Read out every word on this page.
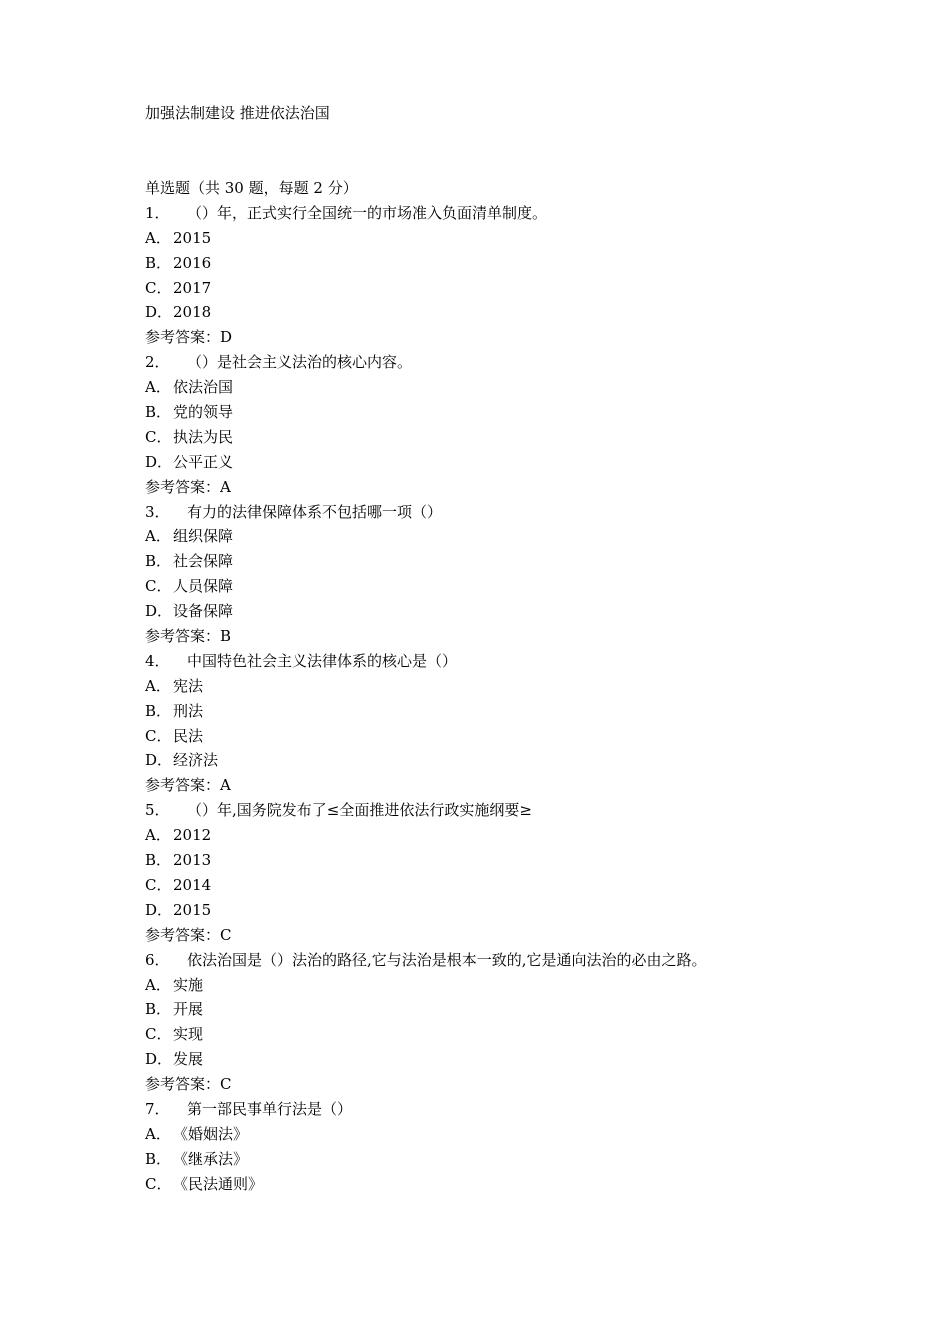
加强法制建设 推进依法治国
单选题（共 30 题，每题 2 分）
1．	（）年，正式实行全国统一的市场准入负面清单制度。
A． 2015
B． 2016
C． 2017
D． 2018
参考答案：D
2．	（）是社会主义法治的核心内容。
A． 依法治国
B． 党的领导
C． 执法为民
D． 公平正义
参考答案：A
3．	有力的法律保障体系不包括哪一项（）
A． 组织保障
B． 社会保障
C． 人员保障
D． 设备保障
参考答案：B
4．	中国特色社会主义法律体系的核心是（）
A． 宪法
B． 刑法
C． 民法
D． 经济法
参考答案：A
5．	（）年,国务院发布了≤全面推进依法行政实施纲要≥
A． 2012
B． 2013
C． 2014
D． 2015
参考答案：C
6．	依法治国是（）法治的路径,它与法治是根本一致的,它是通向法治的必由之路。
A． 实施
B． 开展
C． 实现
D． 发展
参考答案：C
7．	第一部民事单行法是（）
A． 《婚姻法》
B． 《继承法》
C． 《民法通则》
